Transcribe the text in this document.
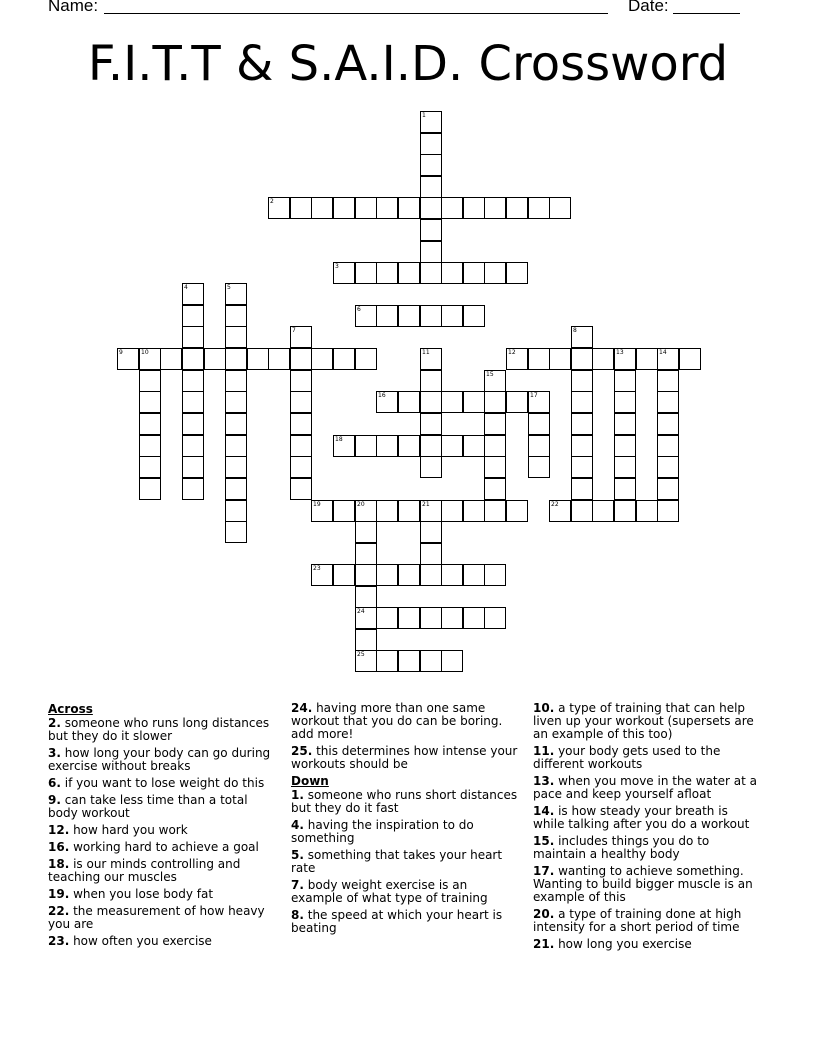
Name:	Date:
F.I.T.T & S.A.I.D. Crossword
1
2
3
4	5
6
7	8
9	10	11	12	13	14
15
16	17
18
19	20	21	22
23
24
25
Across
2. someone who runs long distances but they do it slower
3. how long your body can go during exercise without breaks
6. if you want to lose weight do this
9. can take less time than a total body workout
12. how hard you work
16. working hard to achieve a goal
18. is our minds controlling and teaching our muscles
19. when you lose body fat
22. the measurement of how heavy you are
23. how often you exercise
24. having more than one same workout that you do can be boring. add more!
25. this determines how intense your workouts should be
Down
1. someone who runs short distances but they do it fast
4. having the inspiration to do something
5. something that takes your heart rate
7. body weight exercise is an example of what type of training
8. the speed at which your heart is beating
10. a type of training that can help liven up your workout (supersets are an example of this too)
11. your body gets used to the different workouts
13. when you move in the water at a pace and keep yourself afloat
14. is how steady your breath is while talking after you do a workout
15. includes things you do to maintain a healthy body
17. wanting to achieve something. Wanting to build bigger muscle is an example of this
20. a type of training done at high intensity for a short period of time
21. how long you exercise
